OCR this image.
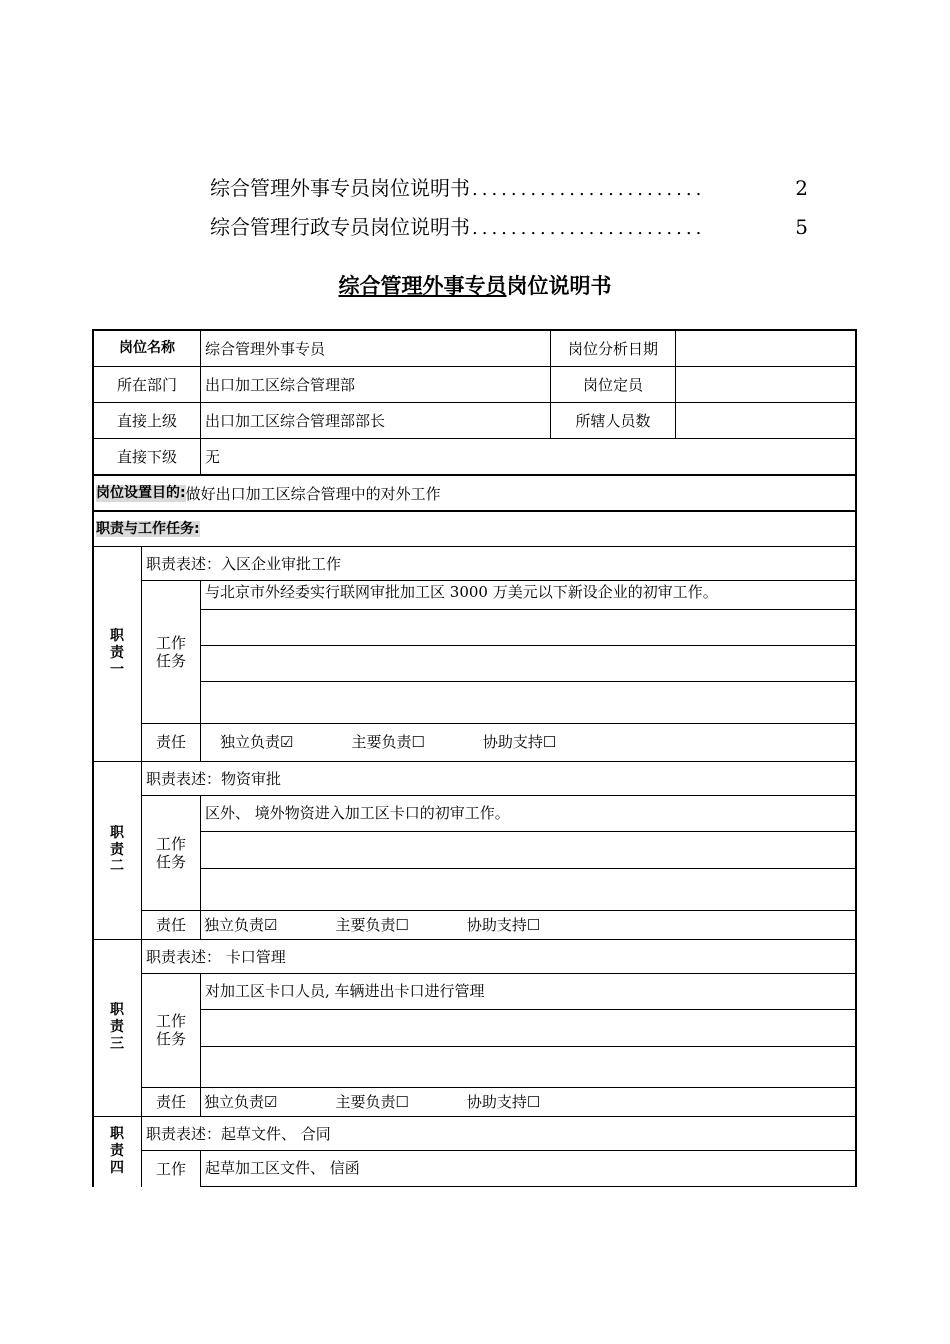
综合管理外事专员岗位说明书 ........................	2
综合管理行政专员岗位说明书 ........................	5
综合管理外事专员岗位说明书
岗位名称	综合管理外事专员	岗位分析日期
所在部门	出口加工区综合管理部	岗位定员
直接上级	出口加工区综合管理部部长	所辖人员数
直接下级	无
岗位设置目的: 做好出口加工区综合管理中的对外工作
职责与工作任务:
职
责
一
职责表述：入区企业审批工作
工作
任务
与北京市外经委实行联网审批加工区 3000 万美元以下新设企业的初审工作。
责任	独立负责☑	主要负责☐	协助支持☐
职
责
二
职责表述：物资审批
工作
任务
区外、 境外物资进入加工区卡口的初审工作。
责任	独立负责☑	主要负责☐	协助支持☐
职
责
三
职责表述： 卡口管理
工作
任务
对加工区卡口人员, 车辆进出卡口进行管理
责任	独立负责☑	主要负责☐	协助支持☐
职
责
四
职责表述：起草文件、 合同
工作 起草加工区文件、 信函
